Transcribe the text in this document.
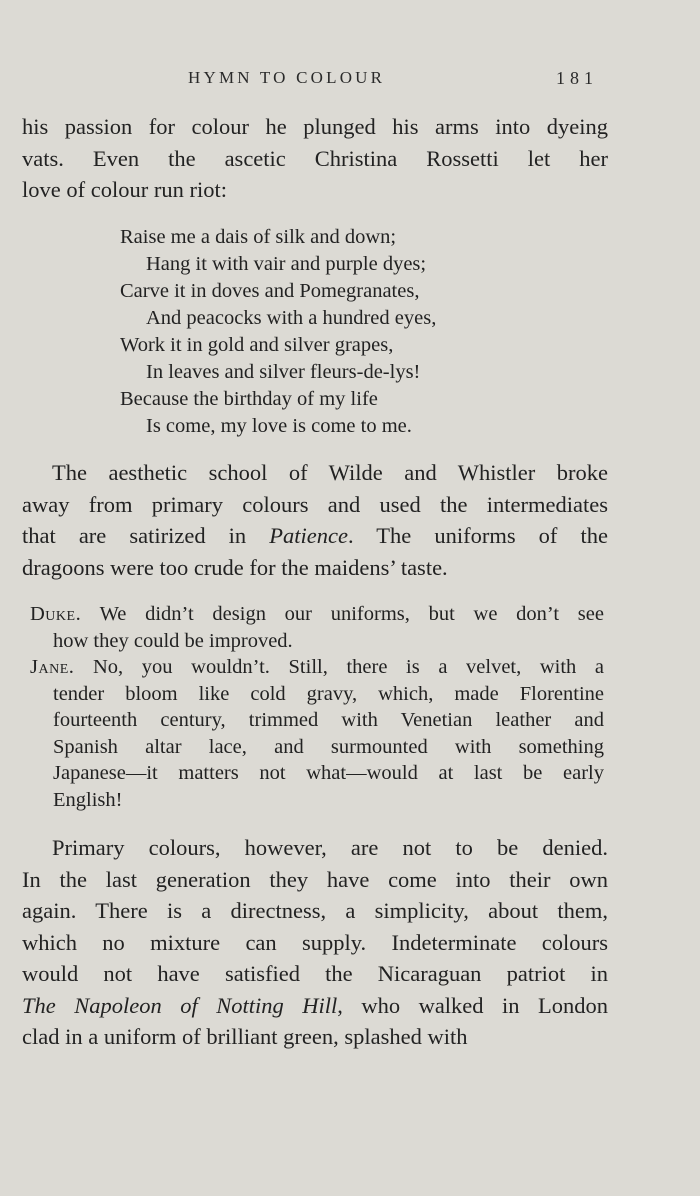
HYMN TO COLOUR	181
his passion for colour he plunged his arms into dyeing
vats. Even the ascetic Christina Rossetti let her
love of colour run riot:
Raise me a dais of silk and down;
Hang it with vair and purple dyes;
Carve it in doves and Pomegranates,
And peacocks with a hundred eyes,
Work it in gold and silver grapes,
In leaves and silver fleurs-de-lys!
Because the birthday of my life
Is come, my love is come to me.
The aesthetic school of Wilde and Whistler broke
away from primary colours and used the intermediates
that are satirized in Patience. The uniforms of the
dragoons were too crude for the maidens’ taste.
Duke. We didn’t design our uniforms, but we don’t see
how they could be improved.
Jane. No, you wouldn’t. Still, there is a velvet, with a
tender bloom like cold gravy, which, made Florentine
fourteenth century, trimmed with Venetian leather and
Spanish altar lace, and surmounted with something
Japanese—it matters not what—would at last be early
English!
Primary colours, however, are not to be denied.
In the last generation they have come into their own
again. There is a directness, a simplicity, about them,
which no mixture can supply. Indeterminate colours
would not have satisfied the Nicaraguan patriot in
The Napoleon of Notting Hill, who walked in London
clad in a uniform of brilliant green, splashed with
